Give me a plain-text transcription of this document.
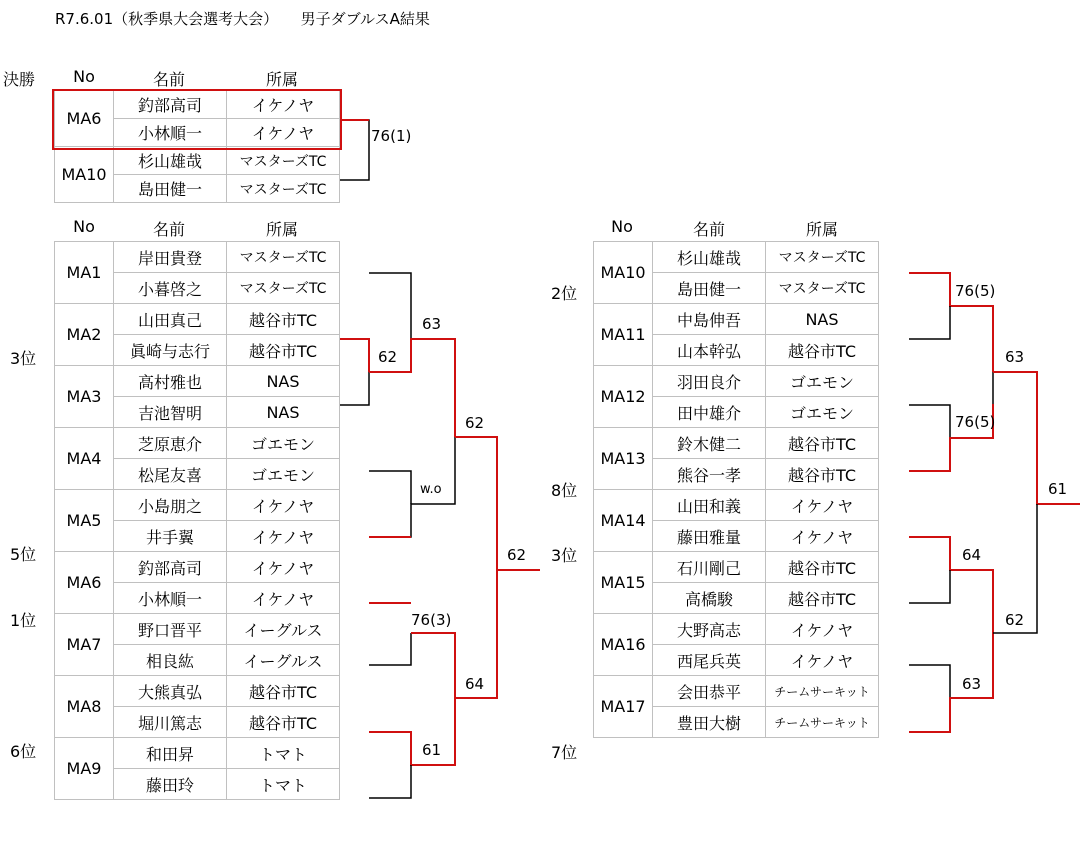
R7.6.01（秋季県大会選考大会）　　男子ダブルスA結果
決勝	No	名前	所属
MA6	釣部高司	イケノヤ
	小林順一	イケノヤ
MA10	杉山雄哉	マスターズTC
	島田健一	マスターズTC
76(1)
No	名前	所属
MA1	岸田貴登	マスターズTC
	小暮啓之	マスターズTC
MA2	山田真己	越谷市TC
	眞崎与志行	越谷市TC
MA3	高村雅也	NAS
	吉池智明	NAS
MA4	芝原恵介	ゴエモン
	松尾友喜	ゴエモン
MA5	小島朋之	イケノヤ
	井手翼	イケノヤ
MA6	釣部高司	イケノヤ
	小林順一	イケノヤ
MA7	野口晋平	イーグルス
	相良紘	イーグルス
MA8	大熊真弘	越谷市TC
	堀川篤志	越谷市TC
MA9	和田昇	トマト
	藤田玲	トマト
No	名前	所属
MA10	杉山雄哉	マスターズTC
	島田健一	マスターズTC
MA11	中島伸吾	NAS
	山本幹弘	越谷市TC
MA12	羽田良介	ゴエモン
	田中雄介	ゴエモン
MA13	鈴木健二	越谷市TC
	熊谷一孝	越谷市TC
MA14	山田和義	イケノヤ
	藤田雅量	イケノヤ
MA15	石川剛己	越谷市TC
	高橋駿	越谷市TC
MA16	大野高志	イケノヤ
	西尾兵英	イケノヤ
MA17	会田恭平	チームサーキット
	豊田大樹	チームサーキット
3位
5位
1位
6位
2位
8位
3位
7位
63
62
62
w.o
62
76(3)
64
61
76(5)
63
76(5)
61
64
62
63
